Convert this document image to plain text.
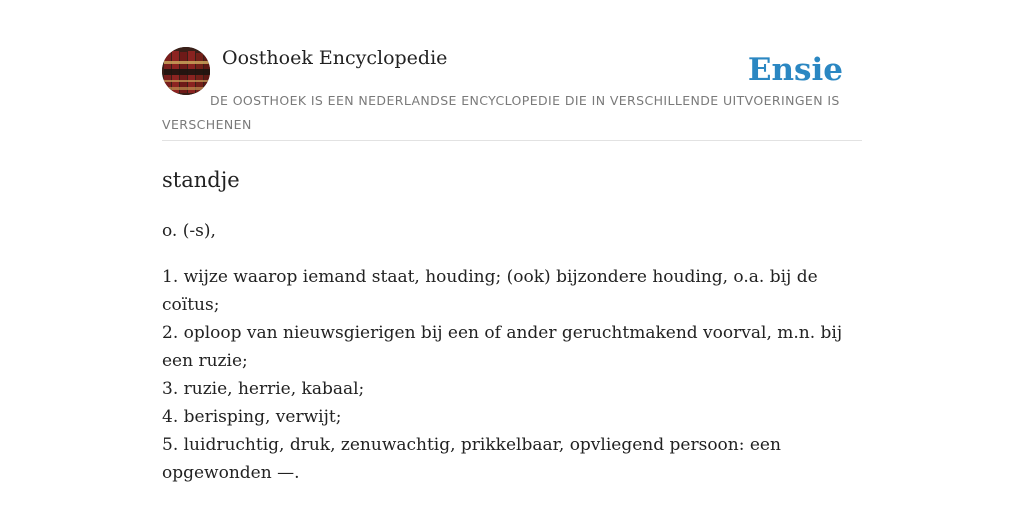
Oosthoek Encyclopedie	Ensie
DE OOSTHOEK IS EEN NEDERLANDSE ENCYCLOPEDIE DIE IN VERSCHILLENDE UITVOERINGEN IS VERSCHENEN
standje

o. (-s),

1. wijze waarop iemand staat, houding; (ook) bijzondere houding, o.a. bij de coïtus;
2. oploop van nieuwsgierigen bij een of ander geruchtmakend voorval, m.n. bij een ruzie;
3. ruzie, herrie, kabaal;
4. berisping, verwijt;
5. luidruchtig, druk, zenuwachtig, prikkelbaar, opvliegend persoon: een opgewonden —.
